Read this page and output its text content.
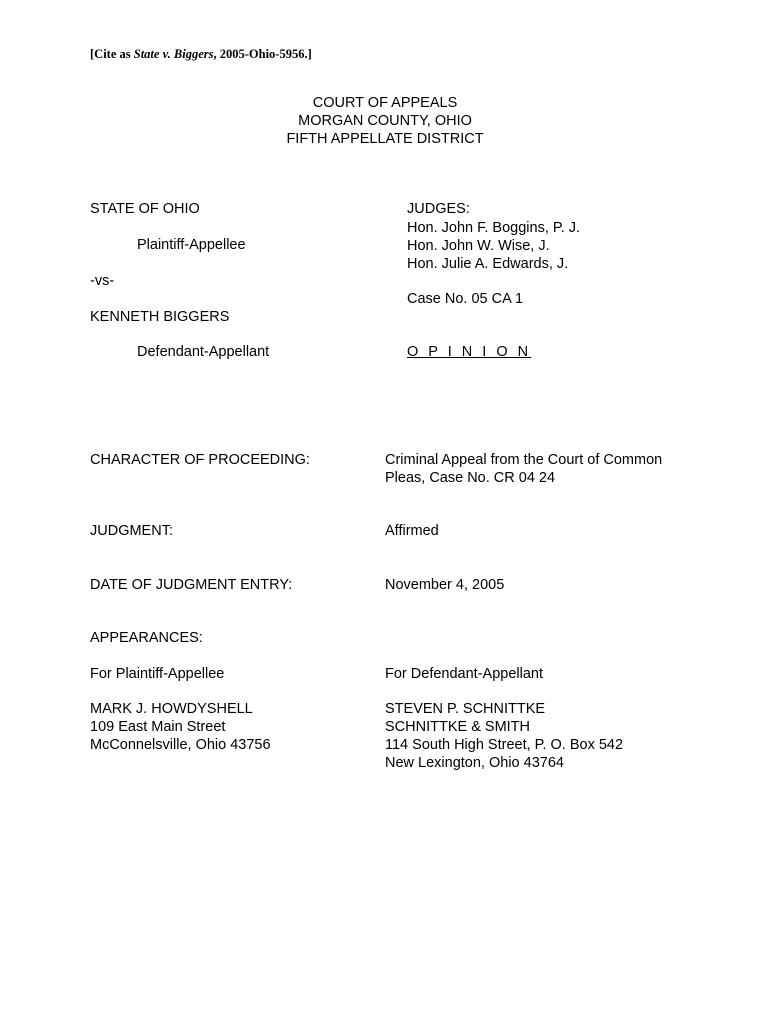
[Cite as State v. Biggers, 2005-Ohio-5956.]
COURT OF APPEALS
MORGAN COUNTY, OHIO
FIFTH APPELLATE DISTRICT
STATE OF OHIO
Plaintiff-Appellee
-vs-
KENNETH BIGGERS
Defendant-Appellant
JUDGES:
Hon. John F. Boggins, P. J.
Hon. John W. Wise, J.
Hon. Julie A. Edwards, J.
Case No. 05 CA 1
O P I N I O N
CHARACTER OF PROCEEDING:	Criminal Appeal from the Court of Common
Pleas, Case No. CR 04 24
JUDGMENT:	Affirmed
DATE OF JUDGMENT ENTRY:	November 4, 2005
APPEARANCES:
For Plaintiff-Appellee	For Defendant-Appellant
MARK J. HOWDYSHELL
109 East Main Street
McConnelsville, Ohio 43756
STEVEN P. SCHNITTKE
SCHNITTKE & SMITH
114 South High Street, P. O. Box 542
New Lexington, Ohio 43764
